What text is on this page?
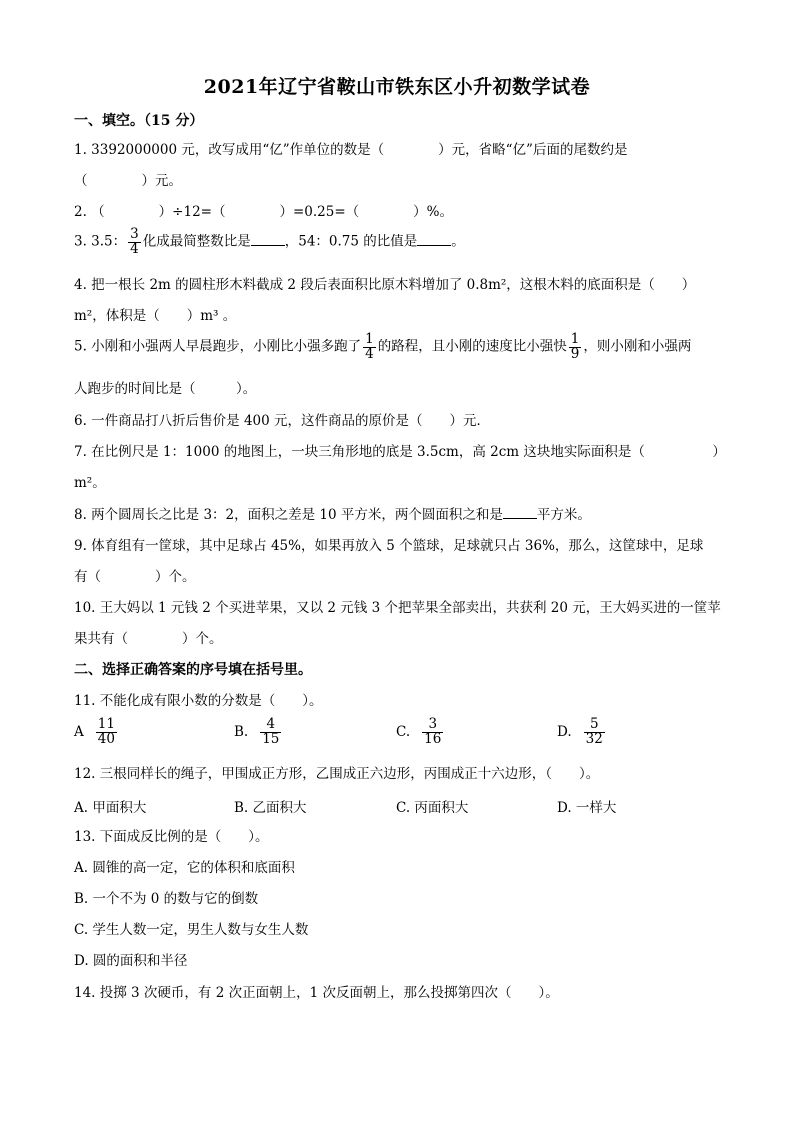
2021年辽宁省鞍山市铁东区小升初数学试卷
一、填空。（15 分）
1. 3392000000 元，改写成用“亿”作单位的数是（　　　　）元，省略“亿”后面的尾数约是
（　　　　）元。
2. （　　　　）÷12=（　　　　）=0.25=（　　　　）%。
3. 3.5： $\frac{3}{4}$ 化成最简整数比是	，54：0.75 的比值是	。
4. 把一根长 2m 的圆柱形木料截成 2 段后表面积比原木料增加了 0.8m²，这根木料的底面积是（　　）
m²，体积是（　　）m³ 。
5. 小刚和小强两人早晨跑步，小刚比小强多跑了 $\frac{1}{4}$ 的路程，且小刚的速度比小强快 $\frac{1}{9}$ ，则小刚和小强两
人跑步的时间比是（　　　）。
6. 一件商品打八折后售价是 400 元，这件商品的原价是（　　）元．
7. 在比例尺是 1：1000 的地图上，一块三角形地的底是 3.5cm，高 2cm 这块地实际面积是（　　　　　）
m²。
8. 两个圆周长之比是 3：2，面积之差是 10 平方米，两个圆面积之和是	平方米。
9. 体育组有一筐球，其中足球占 45%，如果再放入 5 个篮球，足球就只占 36%，那么，这筐球中，足球
有（　　　　）个。
10. 王大妈以 1 元钱 2 个买进苹果，又以 2 元钱 3 个把苹果全部卖出，共获利 20 元，王大妈买进的一筐苹
果共有（　　　　）个。
二、选择正确答案的序号填在括号里。
11. 不能化成有限小数的分数是（　　）。
A $\frac{11}{40}$	B. $\frac{4}{15}$	C. $\frac{3}{16}$	D. $\frac{5}{32}$
12. 三根同样长的绳子，甲围成正方形，乙围成正六边形，丙围成正十六边形，（　　）。
A. 甲面积大	B. 乙面积大	C. 丙面积大	D. 一样大
13. 下面成反比例的是（　　）。
A. 圆锥的高一定，它的体积和底面积
B. 一个不为 0 的数与它的倒数
C. 学生人数一定，男生人数与女生人数
D. 圆的面积和半径
14. 投掷 3 次硬币，有 2 次正面朝上，1 次反面朝上，那么投掷第四次（　　）。
